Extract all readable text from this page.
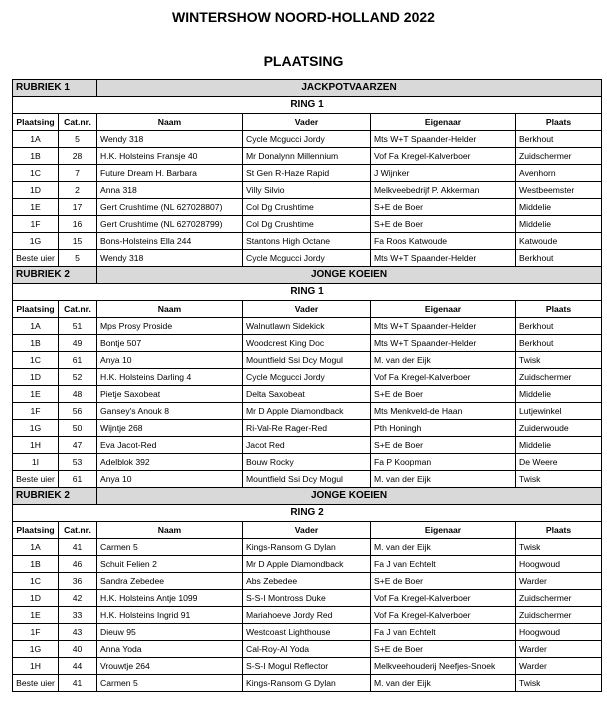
WINTERSHOW NOORD-HOLLAND 2022
PLAATSING
RUBRIEK 1		JACKPOTVAARZEN			
RING 1					
Plaatsing	Cat.nr.	Naam	Vader	Eigenaar	Plaats
1A	5	Wendy 318	Cycle Mcgucci Jordy	Mts W+T Spaander-Helder	Berkhout
1B	28	H.K. Holsteins Fransje 40	Mr Donalynn Millennium	Vof Fa Kregel-Kalverboer	Zuidschermer
1C	7	Future Dream H. Barbara	St Gen R-Haze Rapid	J Wijnker	Avenhorn
1D	2	Anna 318	Villy Silvio	Melkveebedrijf P. Akkerman	Westbeemster
1E	17	Gert Crushtime (NL 627028807)	Col Dg Crushtime	S+E de Boer	Middelie
1F	16	Gert Crushtime (NL 627028799)	Col Dg Crushtime	S+E de Boer	Middelie
1G	15	Bons-Holsteins Ella 244	Stantons High Octane	Fa Roos Katwoude	Katwoude
Beste uier	5	Wendy 318	Cycle Mcgucci Jordy	Mts W+T Spaander-Helder	Berkhout
RUBRIEK 2		JONGE KOEIEN			
RING 1					
Plaatsing	Cat.nr.	Naam	Vader	Eigenaar	Plaats
1A	51	Mps Prosy Proside	Walnutlawn Sidekick	Mts W+T Spaander-Helder	Berkhout
1B	49	Bontje 507	Woodcrest King Doc	Mts W+T Spaander-Helder	Berkhout
1C	61	Anya 10	Mountfield Ssi Dcy Mogul	M. van der Eijk	Twisk
1D	52	H.K. Holsteins Darling 4	Cycle Mcgucci Jordy	Vof Fa Kregel-Kalverboer	Zuidschermer
1E	48	Pietje Saxobeat	Delta Saxobeat	S+E de Boer	Middelie
1F	56	Gansey's Anouk 8	Mr D Apple Diamondback	Mts Menkveld-de Haan	Lutjewinkel
1G	50	Wijntje 268	Ri-Val-Re Rager-Red	Pth Honingh	Zuiderwoude
1H	47	Eva Jacot-Red	Jacot Red	S+E de Boer	Middelie
1I	53	Adelblok 392	Bouw Rocky	Fa P Koopman	De Weere
Beste uier	61	Anya 10	Mountfield Ssi Dcy Mogul	M. van der Eijk	Twisk
RUBRIEK 2		JONGE KOEIEN			
RING 2					
Plaatsing	Cat.nr.	Naam	Vader	Eigenaar	Plaats
1A	41	Carmen 5	Kings-Ransom G Dylan	M. van der Eijk	Twisk
1B	46	Schuit Felien 2	Mr D Apple Diamondback	Fa J van Echtelt	Hoogwoud
1C	36	Sandra Zebedee	Abs Zebedee	S+E de Boer	Warder
1D	42	H.K. Holsteins Antje 1099	S-S-I Montross Duke	Vof Fa Kregel-Kalverboer	Zuidschermer
1E	33	H.K. Holsteins Ingrid 91	Mariahoeve Jordy Red	Vof Fa Kregel-Kalverboer	Zuidschermer
1F	43	Dieuw 95	Westcoast Lighthouse	Fa J van Echtelt	Hoogwoud
1G	40	Anna Yoda	Cal-Roy-Al Yoda	S+E de Boer	Warder
1H	44	Vrouwtje 264	S-S-I Mogul Reflector	Melkveehouderij Neefjes-Snoek	Warder
Beste uier	41	Carmen 5	Kings-Ransom G Dylan	M. van der Eijk	Twisk
